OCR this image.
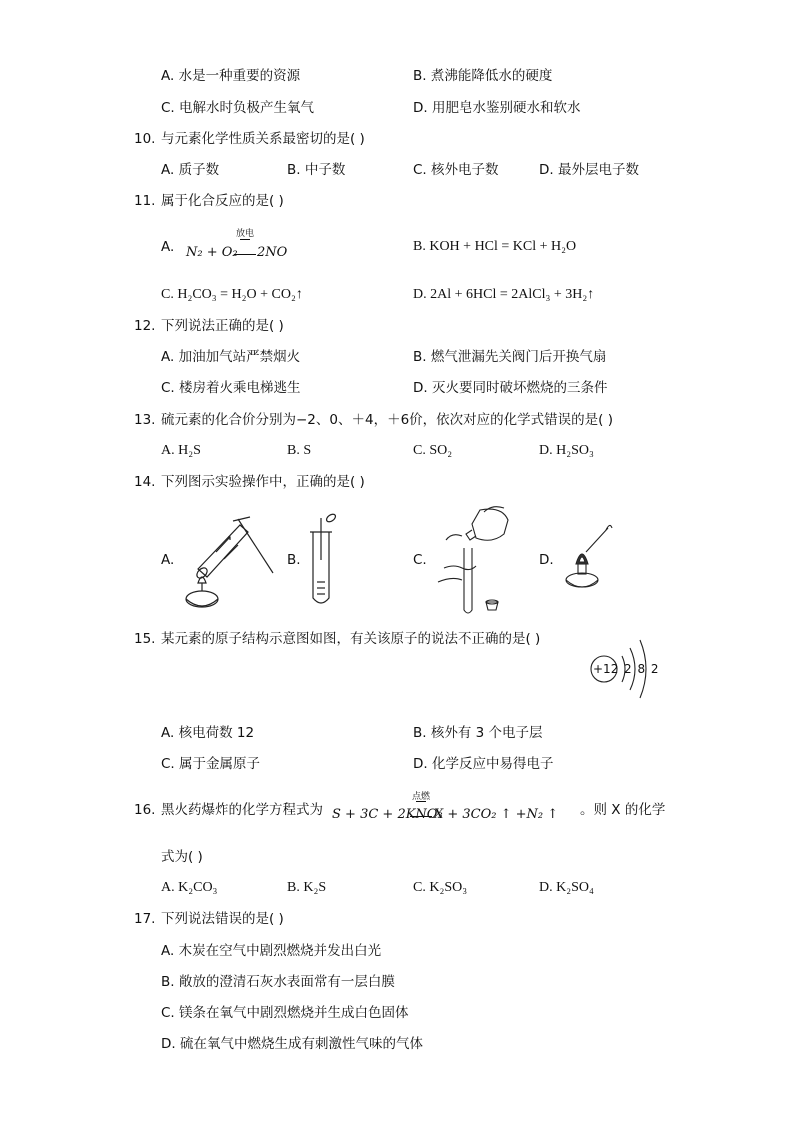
A. 水是一种重要的资源	B. 煮沸能降低水的硬度
C. 电解水时负极产生氧气	D. 用肥皂水鉴别硬水和软水
10. 与元素化学性质关系最密切的是( )
A. 质子数	B. 中子数	C. 核外电子数	D. 最外层电子数
11. 属于化合反应的是( )
A.
放电
N₂ + O₂ 2NO	B. KOH + HCl = KCl + H₂O
C. H₂CO₃ = H₂O + CO₂↑	D. 2Al + 6HCl = 2AlCl₃ + 3H₂↑
12. 下列说法正确的是( )
A. 加油加气站严禁烟火	B. 燃气泄漏先关阀门后开换气扇
C. 楼房着火乘电梯逃生	D. 灭火要同时破坏燃烧的三条件
13. 硫元素的化合价分别为−2、0、＋4，＋6价，依次对应的化学式错误的是( )
A. H₂S	B. S	C. SO₂	D. H₂SO₃
14. 下列图示实验操作中，正确的是( )
A.	B.	C.	D.
15. 某元素的原子结构示意图如图，有关该原子的说法不正确的是( )
+12 2 8 2
A. 核电荷数 12	B. 核外有 3 个电子层
C. 属于金属原子	D. 化学反应中易得电子
16. 黑火药爆炸的化学方程式为
点燃
S + 3C + 2KNO₃
X + 3CO₂ ↑ +N₂ ↑ 。则 X 的化学
式为( )
A. K₂CO₃	B. K₂S	C. K₂SO₃	D. K₂SO₄
17. 下列说法错误的是( )
A. 木炭在空气中剧烈燃烧并发出白光
B. 敞放的澄清石灰水表面常有一层白膜
C. 镁条在氧气中剧烈燃烧并生成白色固体
D. 硫在氧气中燃烧生成有刺激性气味的气体
